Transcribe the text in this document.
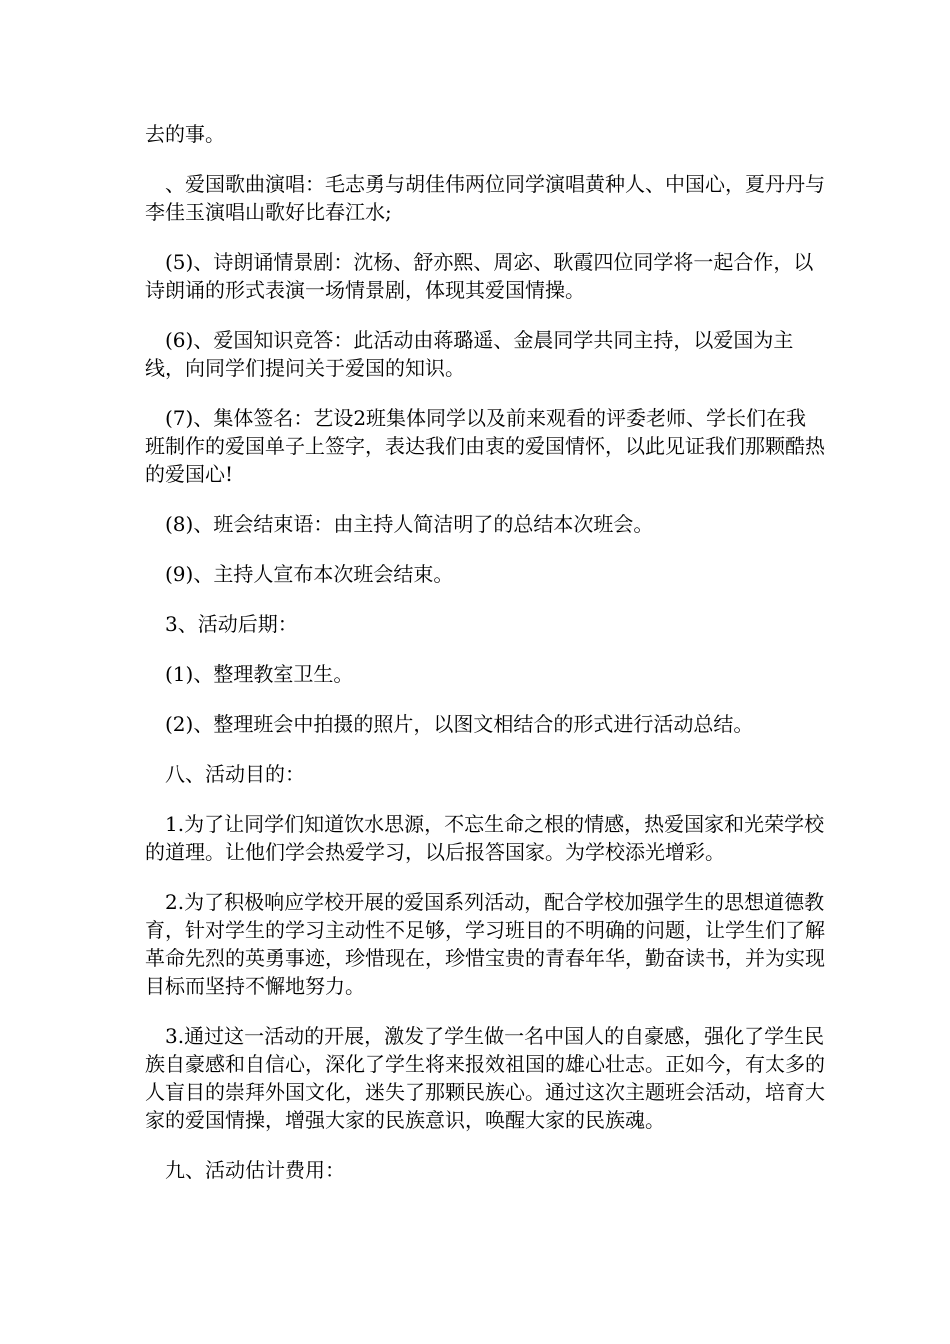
去的事。

、爱国歌曲演唱：毛志勇与胡佳伟两位同学演唱黄种人、中国心，夏丹丹与李佳玉演唱山歌好比春江水;

(5)、诗朗诵情景剧：沈杨、舒亦熙、周宓、耿霞四位同学将一起合作，以诗朗诵的形式表演一场情景剧，体现其爱国情操。

(6)、爱国知识竞答：此活动由蒋璐遥、金晨同学共同主持，以爱国为主线，向同学们提问关于爱国的知识。

(7)、集体签名：艺设2班集体同学以及前来观看的评委老师、学长们在我班制作的爱国单子上签字，表达我们由衷的爱国情怀，以此见证我们那颗酷热的爱国心!

(8)、班会结束语：由主持人简洁明了的总结本次班会。

(9)、主持人宣布本次班会结束。

3、活动后期：

(1)、整理教室卫生。

(2)、整理班会中拍摄的照片，以图文相结合的形式进行活动总结。

八、活动目的：

1.为了让同学们知道饮水思源，不忘生命之根的情感，热爱国家和光荣学校的道理。让他们学会热爱学习，以后报答国家。为学校添光增彩。

2.为了积极响应学校开展的爱国系列活动，配合学校加强学生的思想道德教育，针对学生的学习主动性不足够，学习班目的不明确的问题，让学生们了解革命先烈的英勇事迹，珍惜现在，珍惜宝贵的青春年华，勤奋读书，并为实现目标而坚持不懈地努力。

3.通过这一活动的开展，激发了学生做一名中国人的自豪感，强化了学生民族自豪感和自信心，深化了学生将来报效祖国的雄心壮志。正如今，有太多的人盲目的崇拜外国文化，迷失了那颗民族心。通过这次主题班会活动，培育大家的爱国情操，增强大家的民族意识，唤醒大家的民族魂。

九、活动估计费用：
